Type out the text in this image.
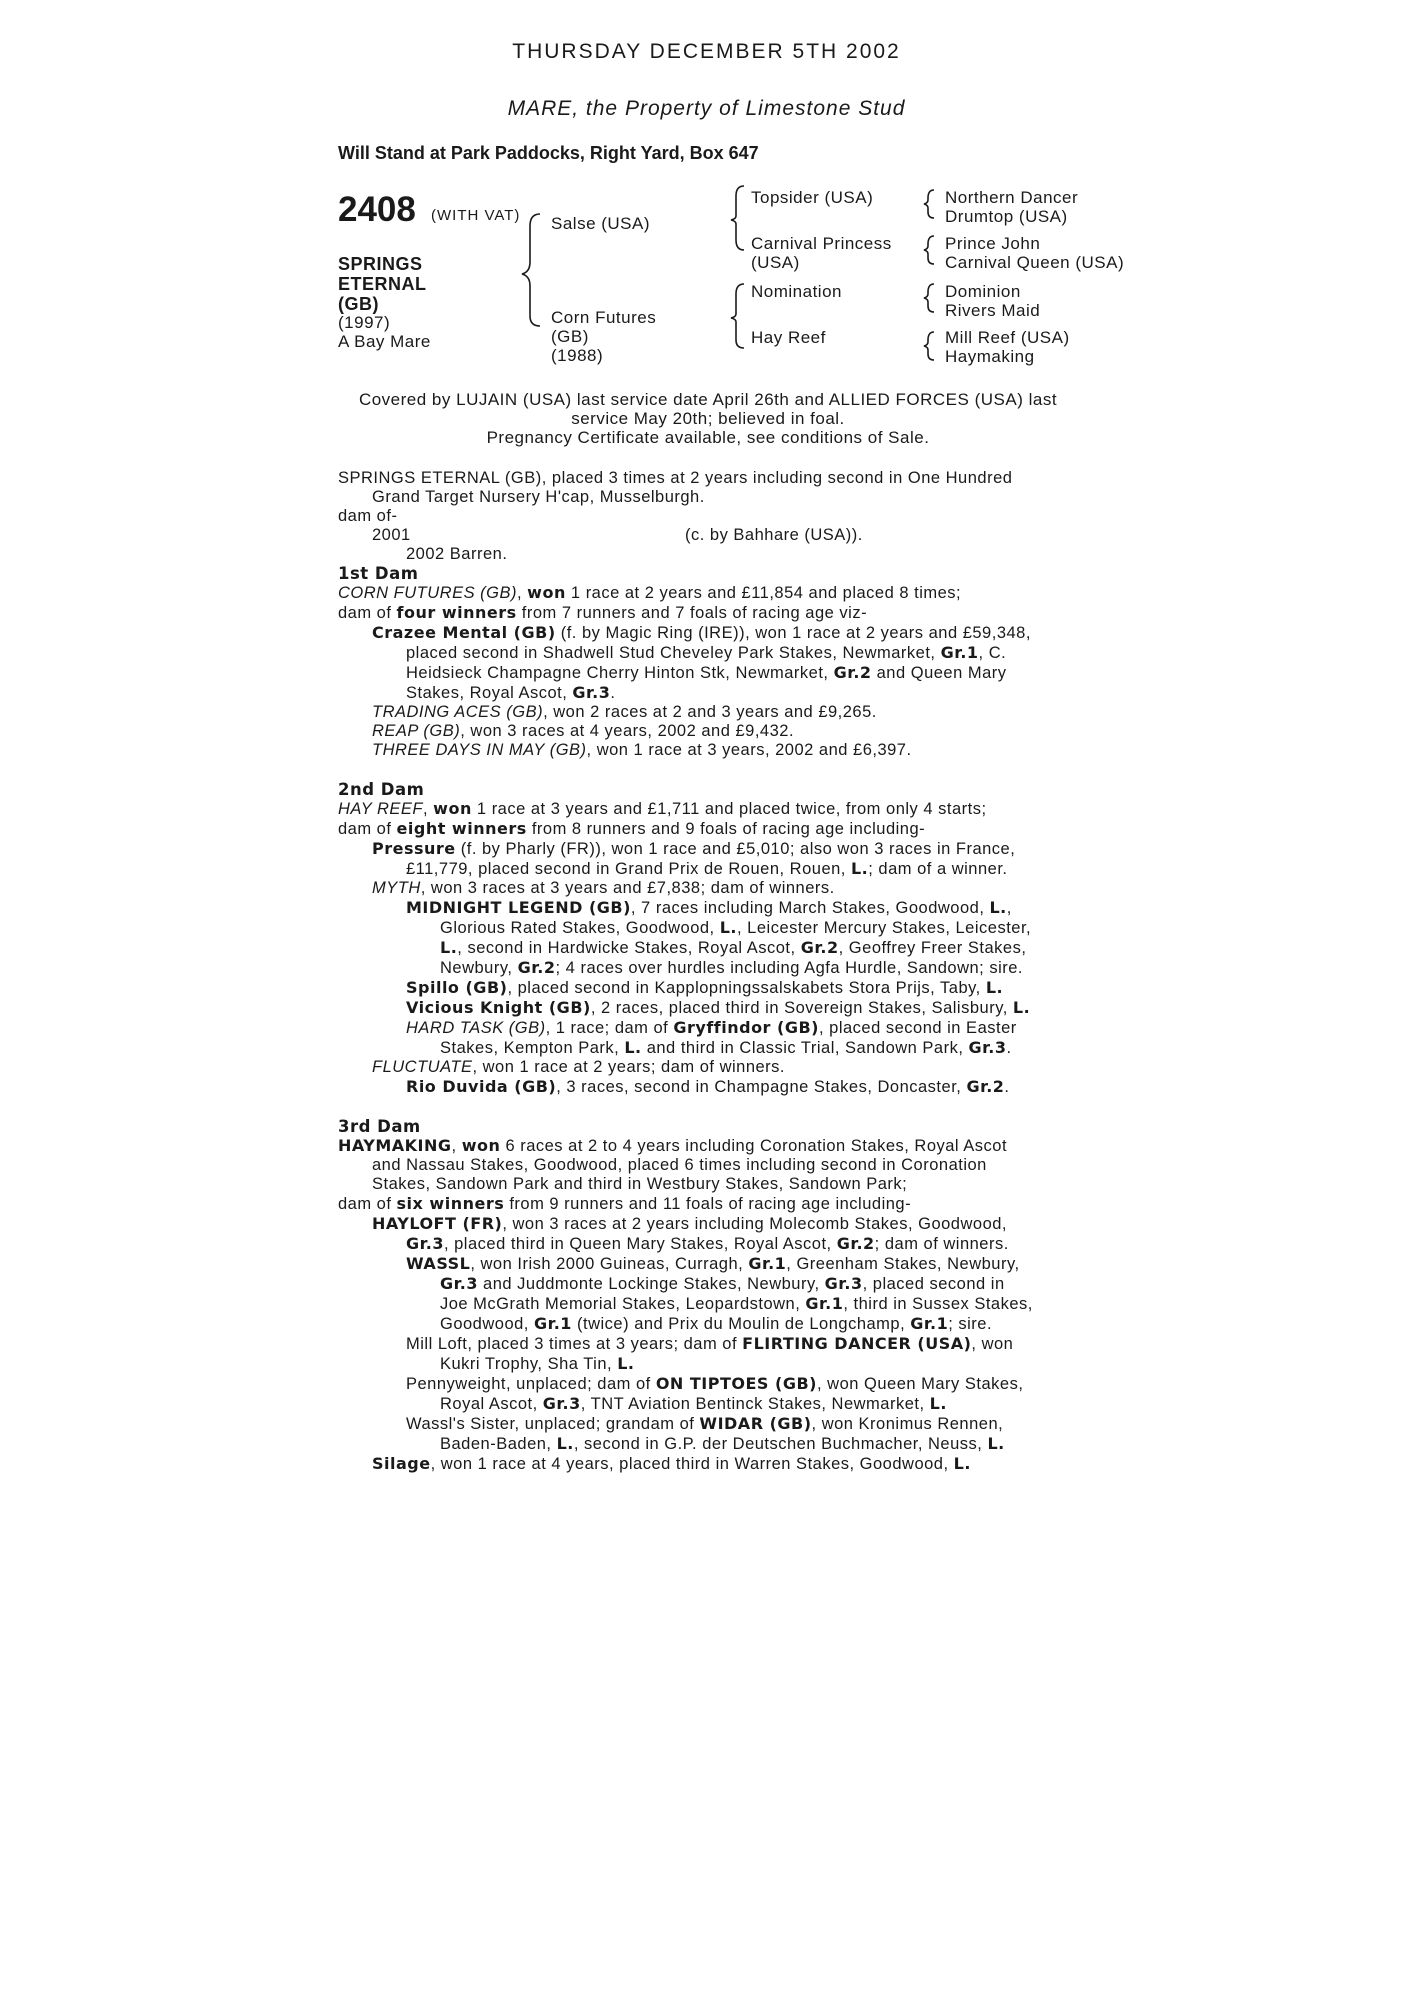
THURSDAY DECEMBER 5TH 2002
MARE, the Property of Limestone Stud
Will Stand at Park Paddocks, Right Yard, Box 647
2408 (WITH VAT)
SPRINGS
ETERNAL
(GB)
(1997)
A Bay Mare
Salse (USA)
Corn Futures
(GB)
(1988)
Topsider (USA)
Carnival Princess
(USA)
Nomination
Hay Reef
Northern Dancer
Drumtop (USA)
Prince John
Carnival Queen (USA)
Dominion
Rivers Maid
Mill Reef (USA)
Haymaking
Covered by LUJAIN (USA) last service date April 26th and ALLIED FORCES (USA) last
service May 20th; believed in foal.
Pregnancy Certificate available, see conditions of Sale.
SPRINGS ETERNAL (GB), placed 3 times at 2 years including second in One Hundred
Grand Target Nursery H'cap, Musselburgh.
dam of-
2001	(c. by Bahhare (USA)).
2002 Barren.
1st Dam
CORN FUTURES (GB), won 1 race at 2 years and £11,854 and placed 8 times;
dam of four winners from 7 runners and 7 foals of racing age viz-
Crazee Mental (GB) (f. by Magic Ring (IRE)), won 1 race at 2 years and £59,348,
placed second in Shadwell Stud Cheveley Park Stakes, Newmarket, Gr.1, C.
Heidsieck Champagne Cherry Hinton Stk, Newmarket, Gr.2 and Queen Mary
Stakes, Royal Ascot, Gr.3.
TRADING ACES (GB), won 2 races at 2 and 3 years and £9,265.
REAP (GB), won 3 races at 4 years, 2002 and £9,432.
THREE DAYS IN MAY (GB), won 1 race at 3 years, 2002 and £6,397.
2nd Dam
HAY REEF, won 1 race at 3 years and £1,711 and placed twice, from only 4 starts;
dam of eight winners from 8 runners and 9 foals of racing age including-
Pressure (f. by Pharly (FR)), won 1 race and £5,010; also won 3 races in France,
£11,779, placed second in Grand Prix de Rouen, Rouen, L.; dam of a winner.
MYTH, won 3 races at 3 years and £7,838; dam of winners.
MIDNIGHT LEGEND (GB), 7 races including March Stakes, Goodwood, L.,
Glorious Rated Stakes, Goodwood, L., Leicester Mercury Stakes, Leicester,
L., second in Hardwicke Stakes, Royal Ascot, Gr.2, Geoffrey Freer Stakes,
Newbury, Gr.2; 4 races over hurdles including Agfa Hurdle, Sandown; sire.
Spillo (GB), placed second in Kapplopningssalskabets Stora Prijs, Taby, L.
Vicious Knight (GB), 2 races, placed third in Sovereign Stakes, Salisbury, L.
HARD TASK (GB), 1 race; dam of Gryffindor (GB), placed second in Easter
Stakes, Kempton Park, L. and third in Classic Trial, Sandown Park, Gr.3.
FLUCTUATE, won 1 race at 2 years; dam of winners.
Rio Duvida (GB), 3 races, second in Champagne Stakes, Doncaster, Gr.2.
3rd Dam
HAYMAKING, won 6 races at 2 to 4 years including Coronation Stakes, Royal Ascot
and Nassau Stakes, Goodwood, placed 6 times including second in Coronation
Stakes, Sandown Park and third in Westbury Stakes, Sandown Park;
dam of six winners from 9 runners and 11 foals of racing age including-
HAYLOFT (FR), won 3 races at 2 years including Molecomb Stakes, Goodwood,
Gr.3, placed third in Queen Mary Stakes, Royal Ascot, Gr.2; dam of winners.
WASSL, won Irish 2000 Guineas, Curragh, Gr.1, Greenham Stakes, Newbury,
Gr.3 and Juddmonte Lockinge Stakes, Newbury, Gr.3, placed second in
Joe McGrath Memorial Stakes, Leopardstown, Gr.1, third in Sussex Stakes,
Goodwood, Gr.1 (twice) and Prix du Moulin de Longchamp, Gr.1; sire.
Mill Loft, placed 3 times at 3 years; dam of FLIRTING DANCER (USA), won
Kukri Trophy, Sha Tin, L.
Pennyweight, unplaced; dam of ON TIPTOES (GB), won Queen Mary Stakes,
Royal Ascot, Gr.3, TNT Aviation Bentinck Stakes, Newmarket, L.
Wassl's Sister, unplaced; grandam of WIDAR (GB), won Kronimus Rennen,
Baden-Baden, L., second in G.P. der Deutschen Buchmacher, Neuss, L.
Silage, won 1 race at 4 years, placed third in Warren Stakes, Goodwood, L.
